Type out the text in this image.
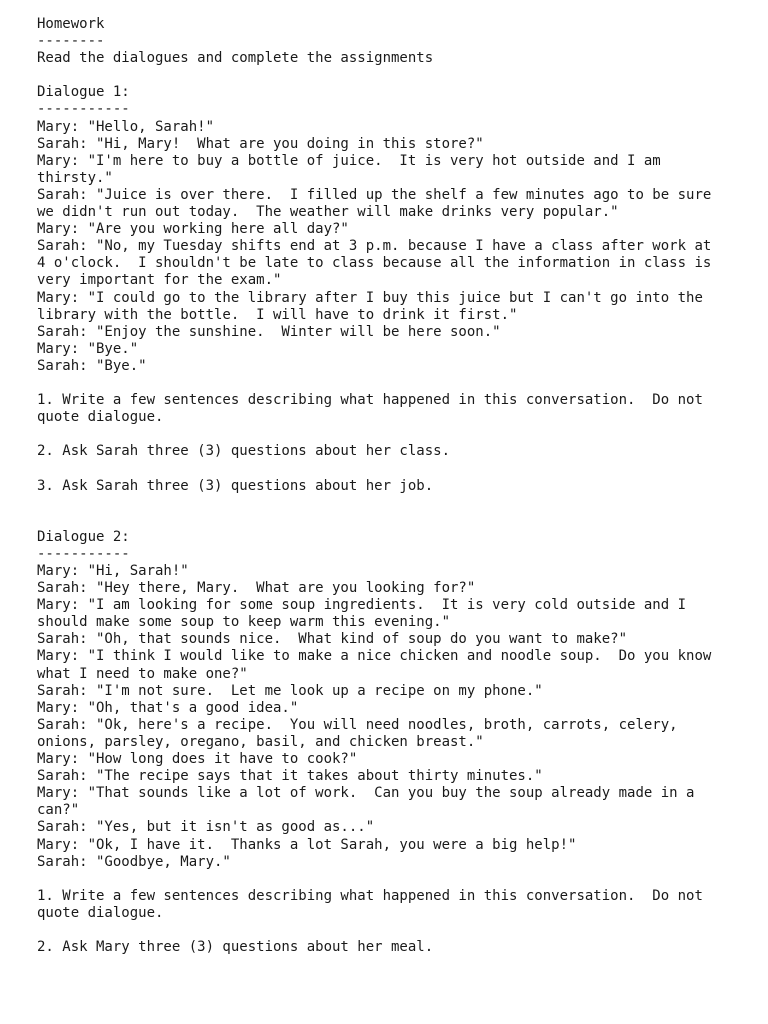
Homework
--------
Read the dialogues and complete the assignments
Dialogue 1:
-----------
Mary: "Hello, Sarah!"
Sarah: "Hi, Mary!  What are you doing in this store?"
Mary: "I'm here to buy a bottle of juice.  It is very hot outside and I am
thirsty."
Sarah: "Juice is over there.  I filled up the shelf a few minutes ago to be sure
we didn't run out today.  The weather will make drinks very popular."
Mary: "Are you working here all day?"
Sarah: "No, my Tuesday shifts end at 3 p.m. because I have a class after work at
4 o'clock.  I shouldn't be late to class because all the information in class is
very important for the exam."
Mary: "I could go to the library after I buy this juice but I can't go into the
library with the bottle.  I will have to drink it first."
Sarah: "Enjoy the sunshine.  Winter will be here soon."
Mary: "Bye."
Sarah: "Bye."
1. Write a few sentences describing what happened in this conversation.  Do not
quote dialogue.
2. Ask Sarah three (3) questions about her class.
3. Ask Sarah three (3) questions about her job.
Dialogue 2:
-----------
Mary: "Hi, Sarah!"
Sarah: "Hey there, Mary.  What are you looking for?"
Mary: "I am looking for some soup ingredients.  It is very cold outside and I
should make some soup to keep warm this evening."
Sarah: "Oh, that sounds nice.  What kind of soup do you want to make?"
Mary: "I think I would like to make a nice chicken and noodle soup.  Do you know
what I need to make one?"
Sarah: "I'm not sure.  Let me look up a recipe on my phone."
Mary: "Oh, that's a good idea."
Sarah: "Ok, here's a recipe.  You will need noodles, broth, carrots, celery,
onions, parsley, oregano, basil, and chicken breast."
Mary: "How long does it have to cook?"
Sarah: "The recipe says that it takes about thirty minutes."
Mary: "That sounds like a lot of work.  Can you buy the soup already made in a
can?"
Sarah: "Yes, but it isn't as good as..."
Mary: "Ok, I have it.  Thanks a lot Sarah, you were a big help!"
Sarah: "Goodbye, Mary."
1. Write a few sentences describing what happened in this conversation.  Do not
quote dialogue.
2. Ask Mary three (3) questions about her meal.
